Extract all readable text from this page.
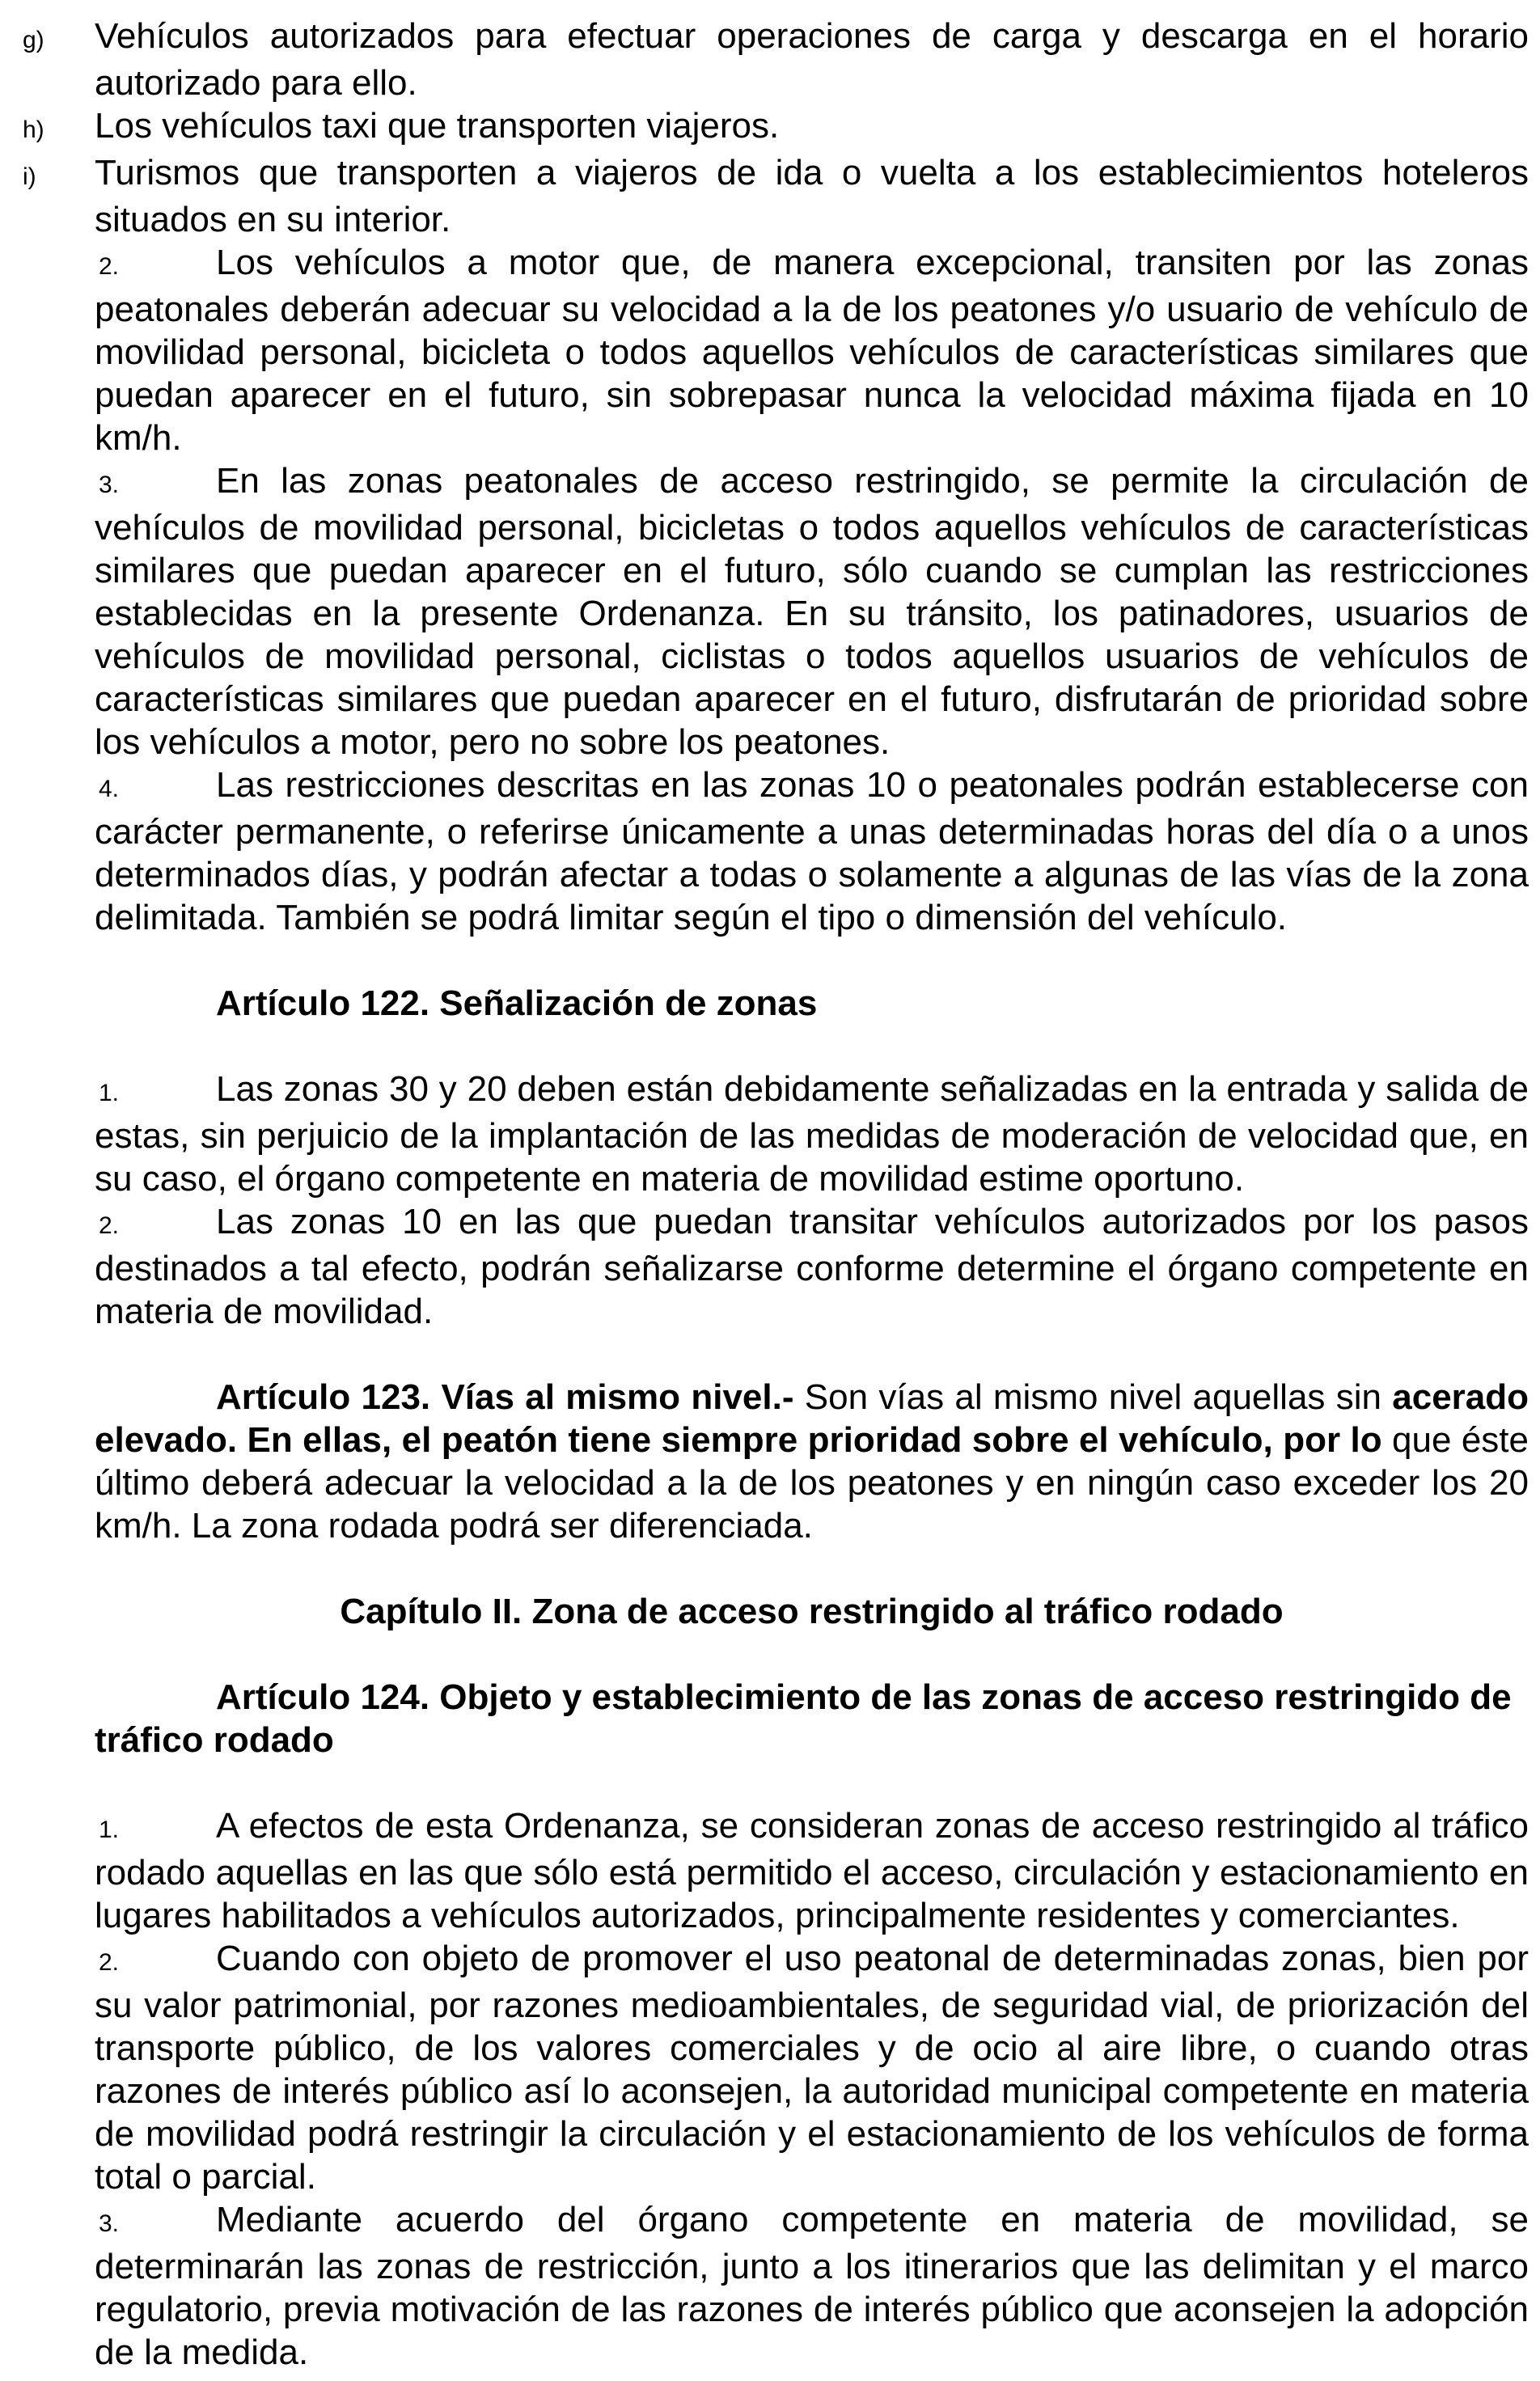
g) Vehículos autorizados para efectuar operaciones de carga y descarga en el horario autorizado para ello.

h) Los vehículos taxi que transporten viajeros.

i) Turismos que transporten a viajeros de ida o vuelta a los establecimientos hoteleros situados en su interior.

2.	Los vehículos a motor que, de manera excepcional, transiten por las zonas peatonales deberán adecuar su velocidad a la de los peatones y/o usuario de vehículo de movilidad personal, bicicleta o todos aquellos vehículos de características similares que puedan aparecer en el futuro, sin sobrepasar nunca la velocidad máxima fijada en 10 km/h.

3.	En las zonas peatonales de acceso restringido, se permite la circulación de vehículos de movilidad personal, bicicletas o todos aquellos vehículos de características similares que puedan aparecer en el futuro, sólo cuando se cumplan las restricciones establecidas en la presente Ordenanza. En su tránsito, los patinadores, usuarios de vehículos de movilidad personal, ciclistas o todos aquellos usuarios de vehículos de características similares que puedan aparecer en el futuro, disfrutarán de prioridad sobre los vehículos a motor, pero no sobre los peatones.

4.	Las restricciones descritas en las zonas 10 o peatonales podrán establecerse con carácter permanente, o referirse únicamente a unas determinadas horas del día o a unos determinados días, y podrán afectar a todas o solamente a algunas de las vías de la zona delimitada. También se podrá limitar según el tipo o dimensión del vehículo.

Artículo 122. Señalización de zonas

1.	Las zonas 30 y 20 deben están debidamente señalizadas en la entrada y salida de estas, sin perjuicio de la implantación de las medidas de moderación de velocidad que, en su caso, el órgano competente en materia de movilidad estime oportuno.

2.	Las zonas 10 en las que puedan transitar vehículos autorizados por los pasos destinados a tal efecto, podrán señalizarse conforme determine el órgano competente en materia de movilidad.

Artículo 123. Vías al mismo nivel.- Son vías al mismo nivel aquellas sin acerado elevado. En ellas, el peatón tiene siempre prioridad sobre el vehículo, por lo que éste último deberá adecuar la velocidad a la de los peatones y en ningún caso exceder los 20 km/h. La zona rodada podrá ser diferenciada.

Capítulo II. Zona de acceso restringido al tráfico rodado

Artículo 124. Objeto y establecimiento de las zonas de acceso restringido de tráfico rodado

1.	A efectos de esta Ordenanza, se consideran zonas de acceso restringido al tráfico rodado aquellas en las que sólo está permitido el acceso, circulación y estacionamiento en lugares habilitados a vehículos autorizados, principalmente residentes y comerciantes.

2.	Cuando con objeto de promover el uso peatonal de determinadas zonas, bien por su valor patrimonial, por razones medioambientales, de seguridad vial, de priorización del transporte público, de los valores comerciales y de ocio al aire libre, o cuando otras razones de interés público así lo aconsejen, la autoridad municipal competente en materia de movilidad podrá restringir la circulación y el estacionamiento de los vehículos de forma total o parcial.

3.	Mediante acuerdo del órgano competente en materia de movilidad, se determinarán las zonas de restricción, junto a los itinerarios que las delimitan y el marco regulatorio, previa motivación de las razones de interés público que aconsejen la adopción de la medida.
